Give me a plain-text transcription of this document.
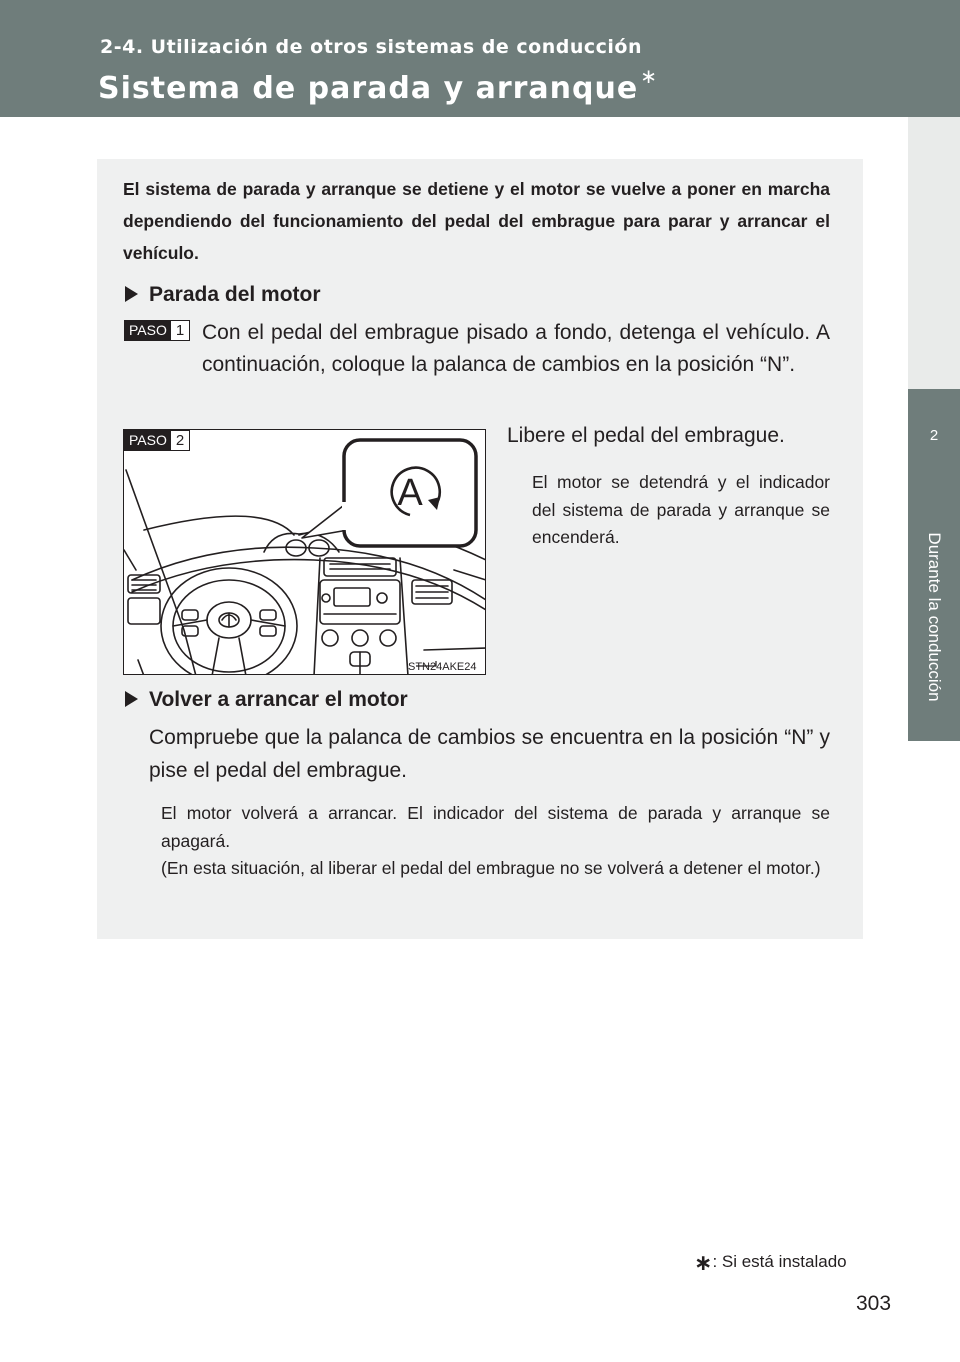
2-4. Utilización de otros sistemas de conducción
Sistema de parada y arranque ∗
2
Durante la conducción
El sistema de parada y arranque se detiene y el motor se vuelve a poner en marcha dependiendo del funcionamiento del pedal del embrague para parar y arrancar el vehículo.
Parada del motor
PASO 1 Con el pedal del embrague pisado a fondo, detenga el vehículo. A continuación, coloque la palanca de cambios en la posición “N”.
A
STN24AKE24
PASO 2	Libere el pedal del embrague.
El motor se detendrá y el indicador del sistema de parada y arranque se encenderá.
Volver a arrancar el motor
Compruebe que la palanca de cambios se encuentra en la posición “N” y pise el pedal del embrague.
El motor volverá a arrancar. El indicador del sistema de parada y arranque se apagará.
(En esta situación, al liberar el pedal del embrague no se volverá a detener el motor.)
∗: Si está instalado
303
